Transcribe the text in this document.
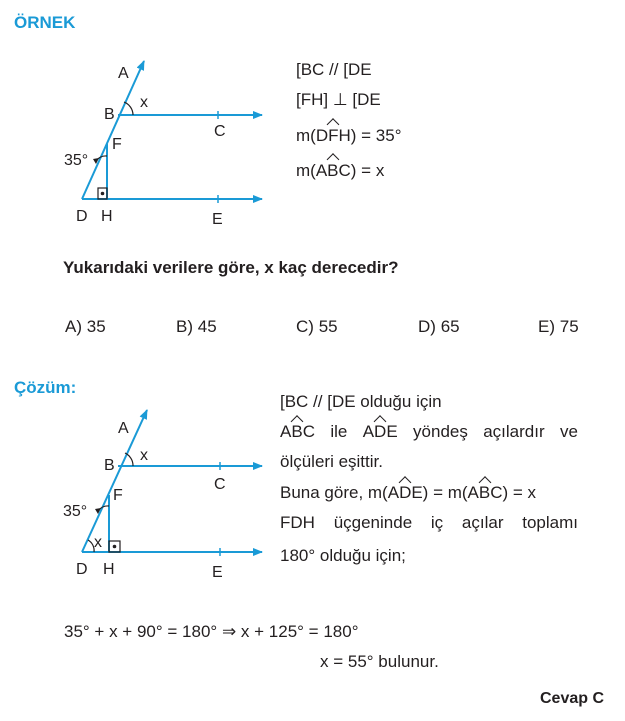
ÖRNEK
A
x
B
C
F
35°
D H	E
[BC // [DE
[FH] ⊥ [DE
m(DFH) = 35°
m(ABC) = x
Yukarıdaki verilere göre, x kaç derecedir?
A) 35	B) 45	C) 55	D) 65	E) 75
Çözüm:
A
x
B
C
F
35°
x
D H	E
[BC // [DE olduğu için
ABC ile ADE yöndeş açılardır ve
ölçüleri eşittir.
Buna göre, m(ADE) = m(ABC) = x
FDH üçgeninde iç açılar toplamı
180° olduğu için;
35° + x + 90° = 180° ⇒ x + 125° = 180°
x = 55° bulunur.
Cevap C
